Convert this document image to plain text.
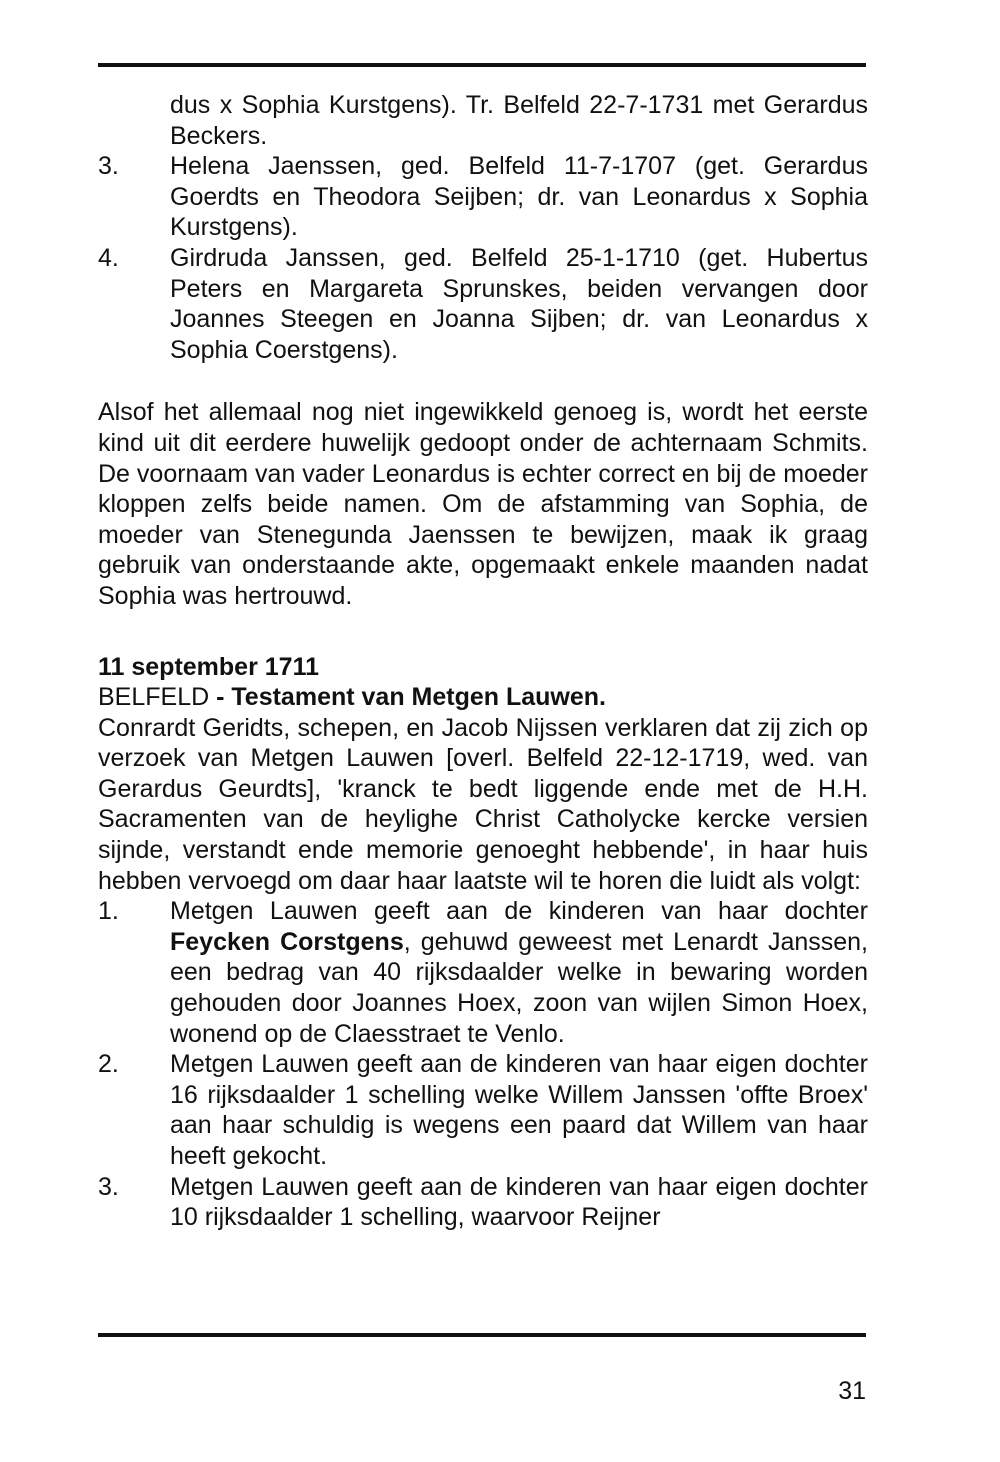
dus x Sophia Kurstgens). Tr. Belfeld 22-7-1731 met Gerardus Beckers.
3.	Helena Jaenssen, ged. Belfeld 11-7-1707 (get. Gerardus Goerdts en Theodora Seijben; dr. van Leonardus x Sophia Kurstgens).
4.	Girdruda Janssen, ged. Belfeld 25-1-1710 (get. Hubertus Peters en Margareta Sprunskes, beiden vervangen door Joannes Steegen en Joanna Sijben; dr. van Leonardus x Sophia Coerstgens).

Alsof het allemaal nog niet ingewikkeld genoeg is, wordt het eerste kind uit dit eerdere huwelijk gedoopt onder de achternaam Schmits. De voornaam van vader Leonardus is echter correct en bij de moeder kloppen zelfs beide namen. Om de afstamming van Sophia, de moeder van Stenegunda Jaenssen te bewijzen, maak ik graag gebruik van onderstaande akte, opgemaakt enkele maanden nadat Sophia was hertrouwd.

11 september 1711
BELFELD - Testament van Metgen Lauwen.

Conrardt Geridts, schepen, en Jacob Nijssen verklaren dat zij zich op verzoek van Metgen Lauwen [overl. Belfeld 22-12-1719, wed. van Gerardus Geurdts], 'kranck te bedt liggende ende met de H.H. Sacramenten van de heylighe Christ Catholycke kercke versien sijnde, verstandt ende memorie genoeght hebbende', in haar huis hebben vervoegd om daar haar laatste wil te horen die luidt als volgt:

1.	Metgen Lauwen geeft aan de kinderen van haar dochter Feycken Corstgens, gehuwd geweest met Lenardt Janssen, een bedrag van 40 rijksdaalder welke in bewaring worden gehouden door Joannes Hoex, zoon van wijlen Simon Hoex, wonend op de Claesstraet te Venlo.
2.	Metgen Lauwen geeft aan de kinderen van haar eigen dochter 16 rijksdaalder 1 schelling welke Willem Janssen 'offte Broex' aan haar schuldig is wegens een paard dat Willem van haar heeft gekocht.
3.	Metgen Lauwen geeft aan de kinderen van haar eigen dochter 10 rijksdaalder 1 schelling, waarvoor Reijner
31
